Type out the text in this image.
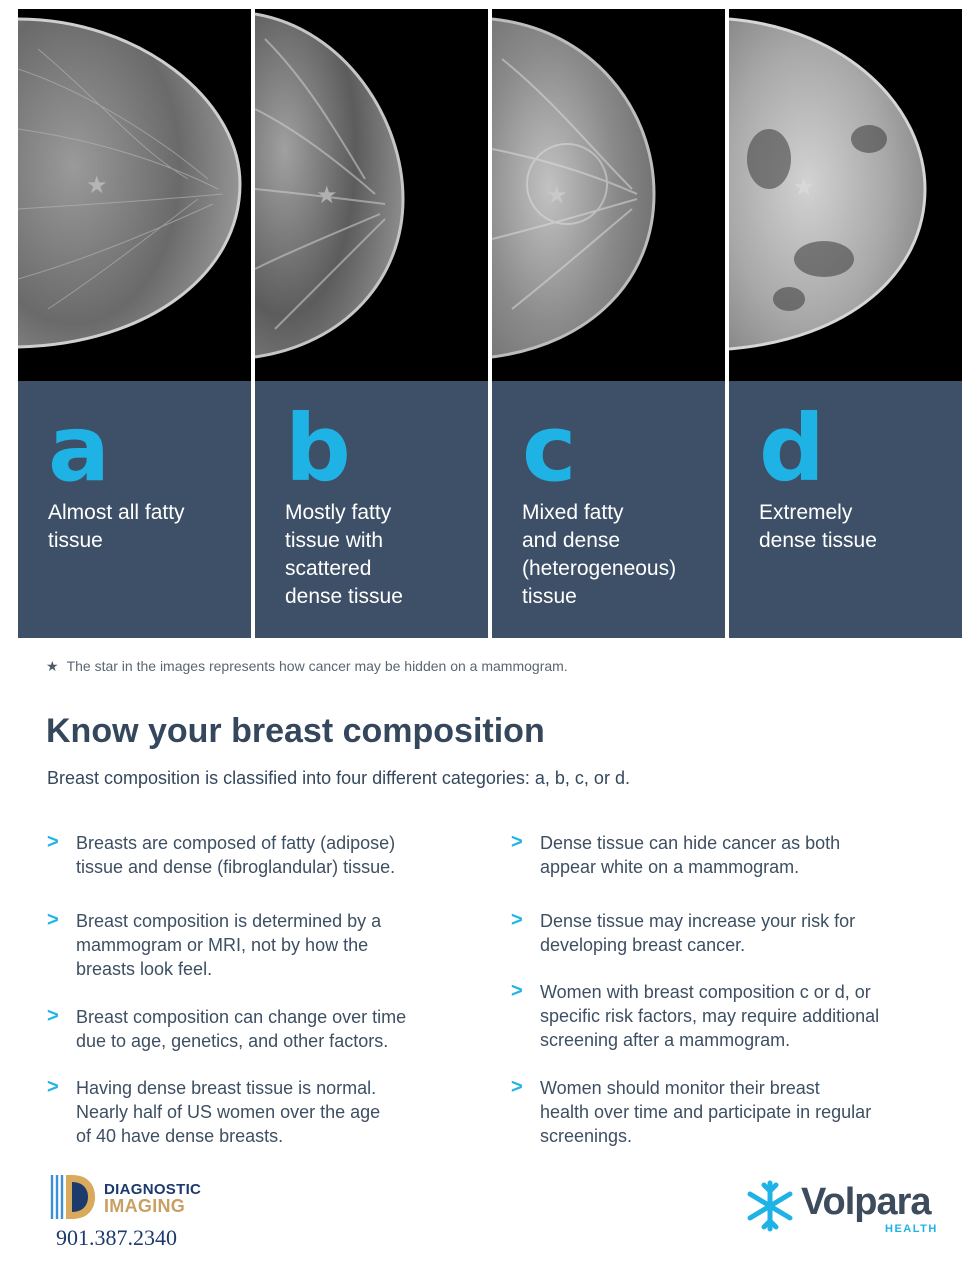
★
a
Almost all fatty
tissue
★
b
Mostly fatty
tissue with
scattered
dense tissue
★
c
Mixed fatty
and dense
(heterogeneous)
tissue
★
d
Extremely
dense tissue
★ The star in the images represents how cancer may be hidden on a mammogram.
Know your breast composition
Breast composition is classified into four different categories: a, b, c, or d.
> Breasts are composed of fatty (adipose)
tissue and dense (fibroglandular) tissue.
> Breast composition is determined by a
mammogram or MRI, not by how the
breasts look feel.
> Breast composition can change over time
due to age, genetics, and other factors.
> Having dense breast tissue is normal.
Nearly half of US women over the age
of 40 have dense breasts.
> Dense tissue can hide cancer as both
appear white on a mammogram.
> Dense tissue may increase your risk for
developing breast cancer.
> Women with breast composition c or d, or
specific risk factors, may require additional
screening after a mammogram.
> Women should monitor their breast
health over time and participate in regular
screenings.
DIAGNOSTIC
IMAGING
901.387.2340
Volpara
HEALTH
